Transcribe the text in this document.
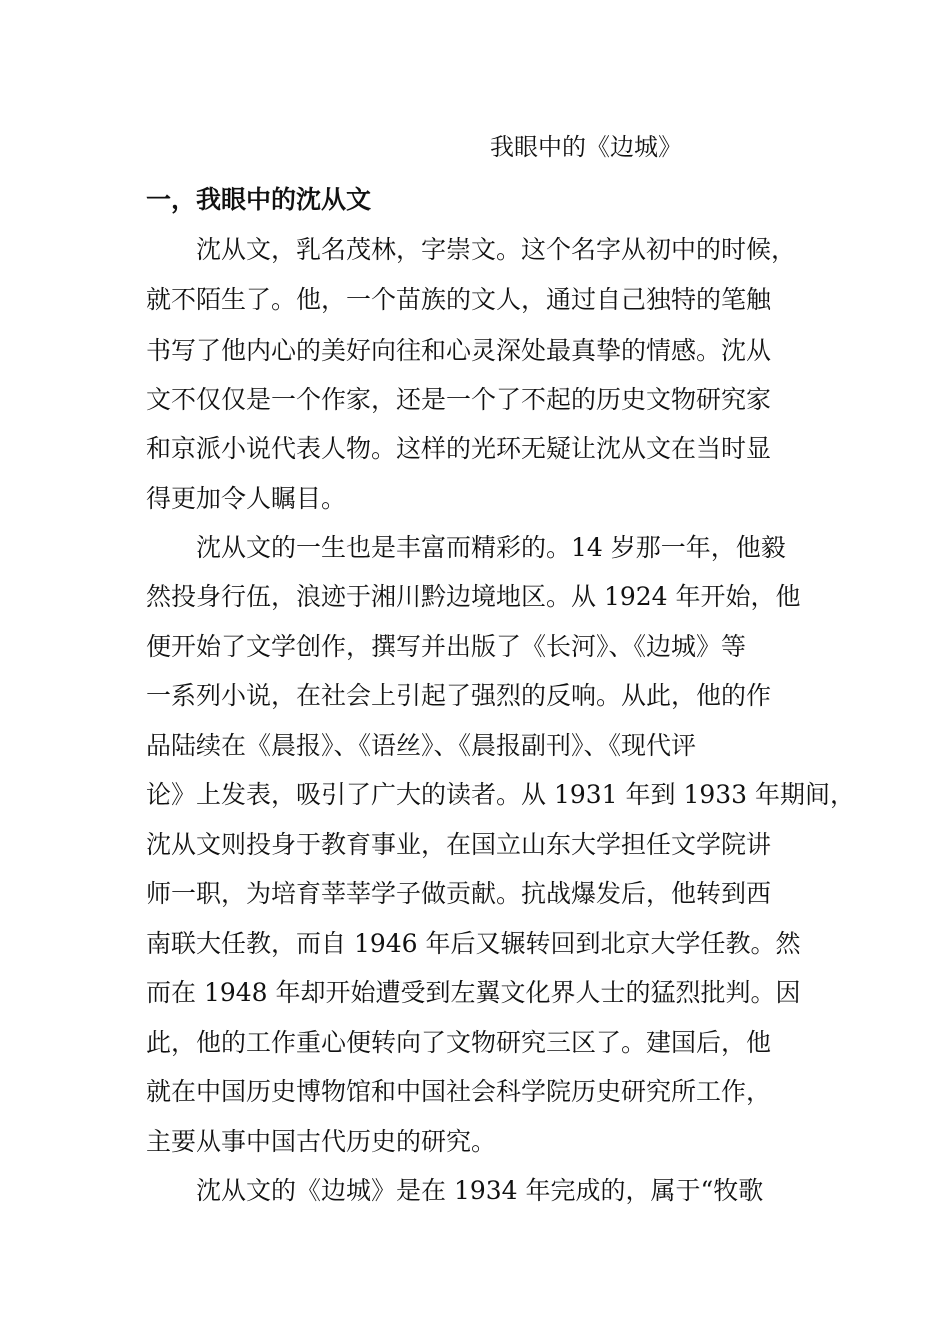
我眼中的《边城》
一，我眼中的沈从文
沈从文，乳名茂林，字崇文。这个名字从初中的时候，
就不陌生了。他，一个苗族的文人，通过自己独特的笔触
书写了他内心的美好向往和心灵深处最真挚的情感。沈从
文不仅仅是一个作家，还是一个了不起的历史文物研究家
和京派小说代表人物。这样的光环无疑让沈从文在当时显
得更加令人瞩目。
沈从文的一生也是丰富而精彩的。14 岁那一年，他毅
然投身行伍，浪迹于湘川黔边境地区。从 1924 年开始，他
便开始了文学创作，撰写并出版了《长河》、《边城》等
一系列小说，在社会上引起了强烈的反响。从此，他的作
品陆续在《晨报》、《语丝》、《晨报副刊》、《现代评
论》上发表，吸引了广大的读者。从 1931 年到 1933 年期间，
沈从文则投身于教育事业，在国立山东大学担任文学院讲
师一职，为培育莘莘学子做贡献。抗战爆发后，他转到西
南联大任教，而自 1946 年后又辗转回到北京大学任教。然
而在 1948 年却开始遭受到左翼文化界人士的猛烈批判。因
此，他的工作重心便转向了文物研究三区了。建国后，他
就在中国历史博物馆和中国社会科学院历史研究所工作，
主要从事中国古代历史的研究。
沈从文的《边城》是在 1934 年完成的，属于“牧歌
